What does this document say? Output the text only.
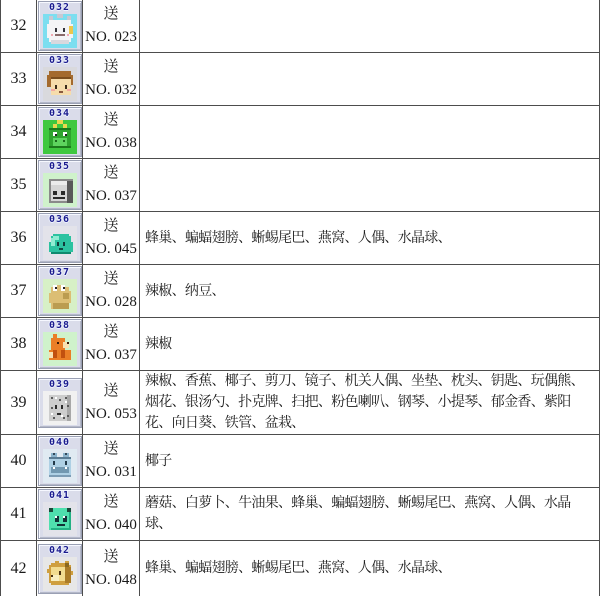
32
032 送
NO. 023
33
033 送
NO. 032
34
034 送
NO. 038
35
035 送
NO. 037
36
036 送
NO. 045
蜂巢、蝙蝠翅膀、蜥蜴尾巴、燕窝、人偶、水晶球、
37
037 送
NO. 028
辣椒、纳豆、
38
038 送
NO. 037
辣椒
39
039 送
NO. 053
辣椒、香蕉、椰子、剪刀、镜子、机关人偶、坐垫、枕头、钥匙、玩偶熊、烟花、银汤勺、扑克牌、扫把、粉色喇叭、钢琴、小提琴、郁金香、紫阳花、向日葵、铁管、盆栽、
40
040 送
NO. 031
椰子
41
041 送
NO. 040
蘑菇、白萝卜、牛油果、蜂巢、蝙蝠翅膀、蜥蜴尾巴、燕窝、人偶、水晶球、
42
042 送
NO. 048
蜂巢、蝙蝠翅膀、蜥蜴尾巴、燕窝、人偶、水晶球、
